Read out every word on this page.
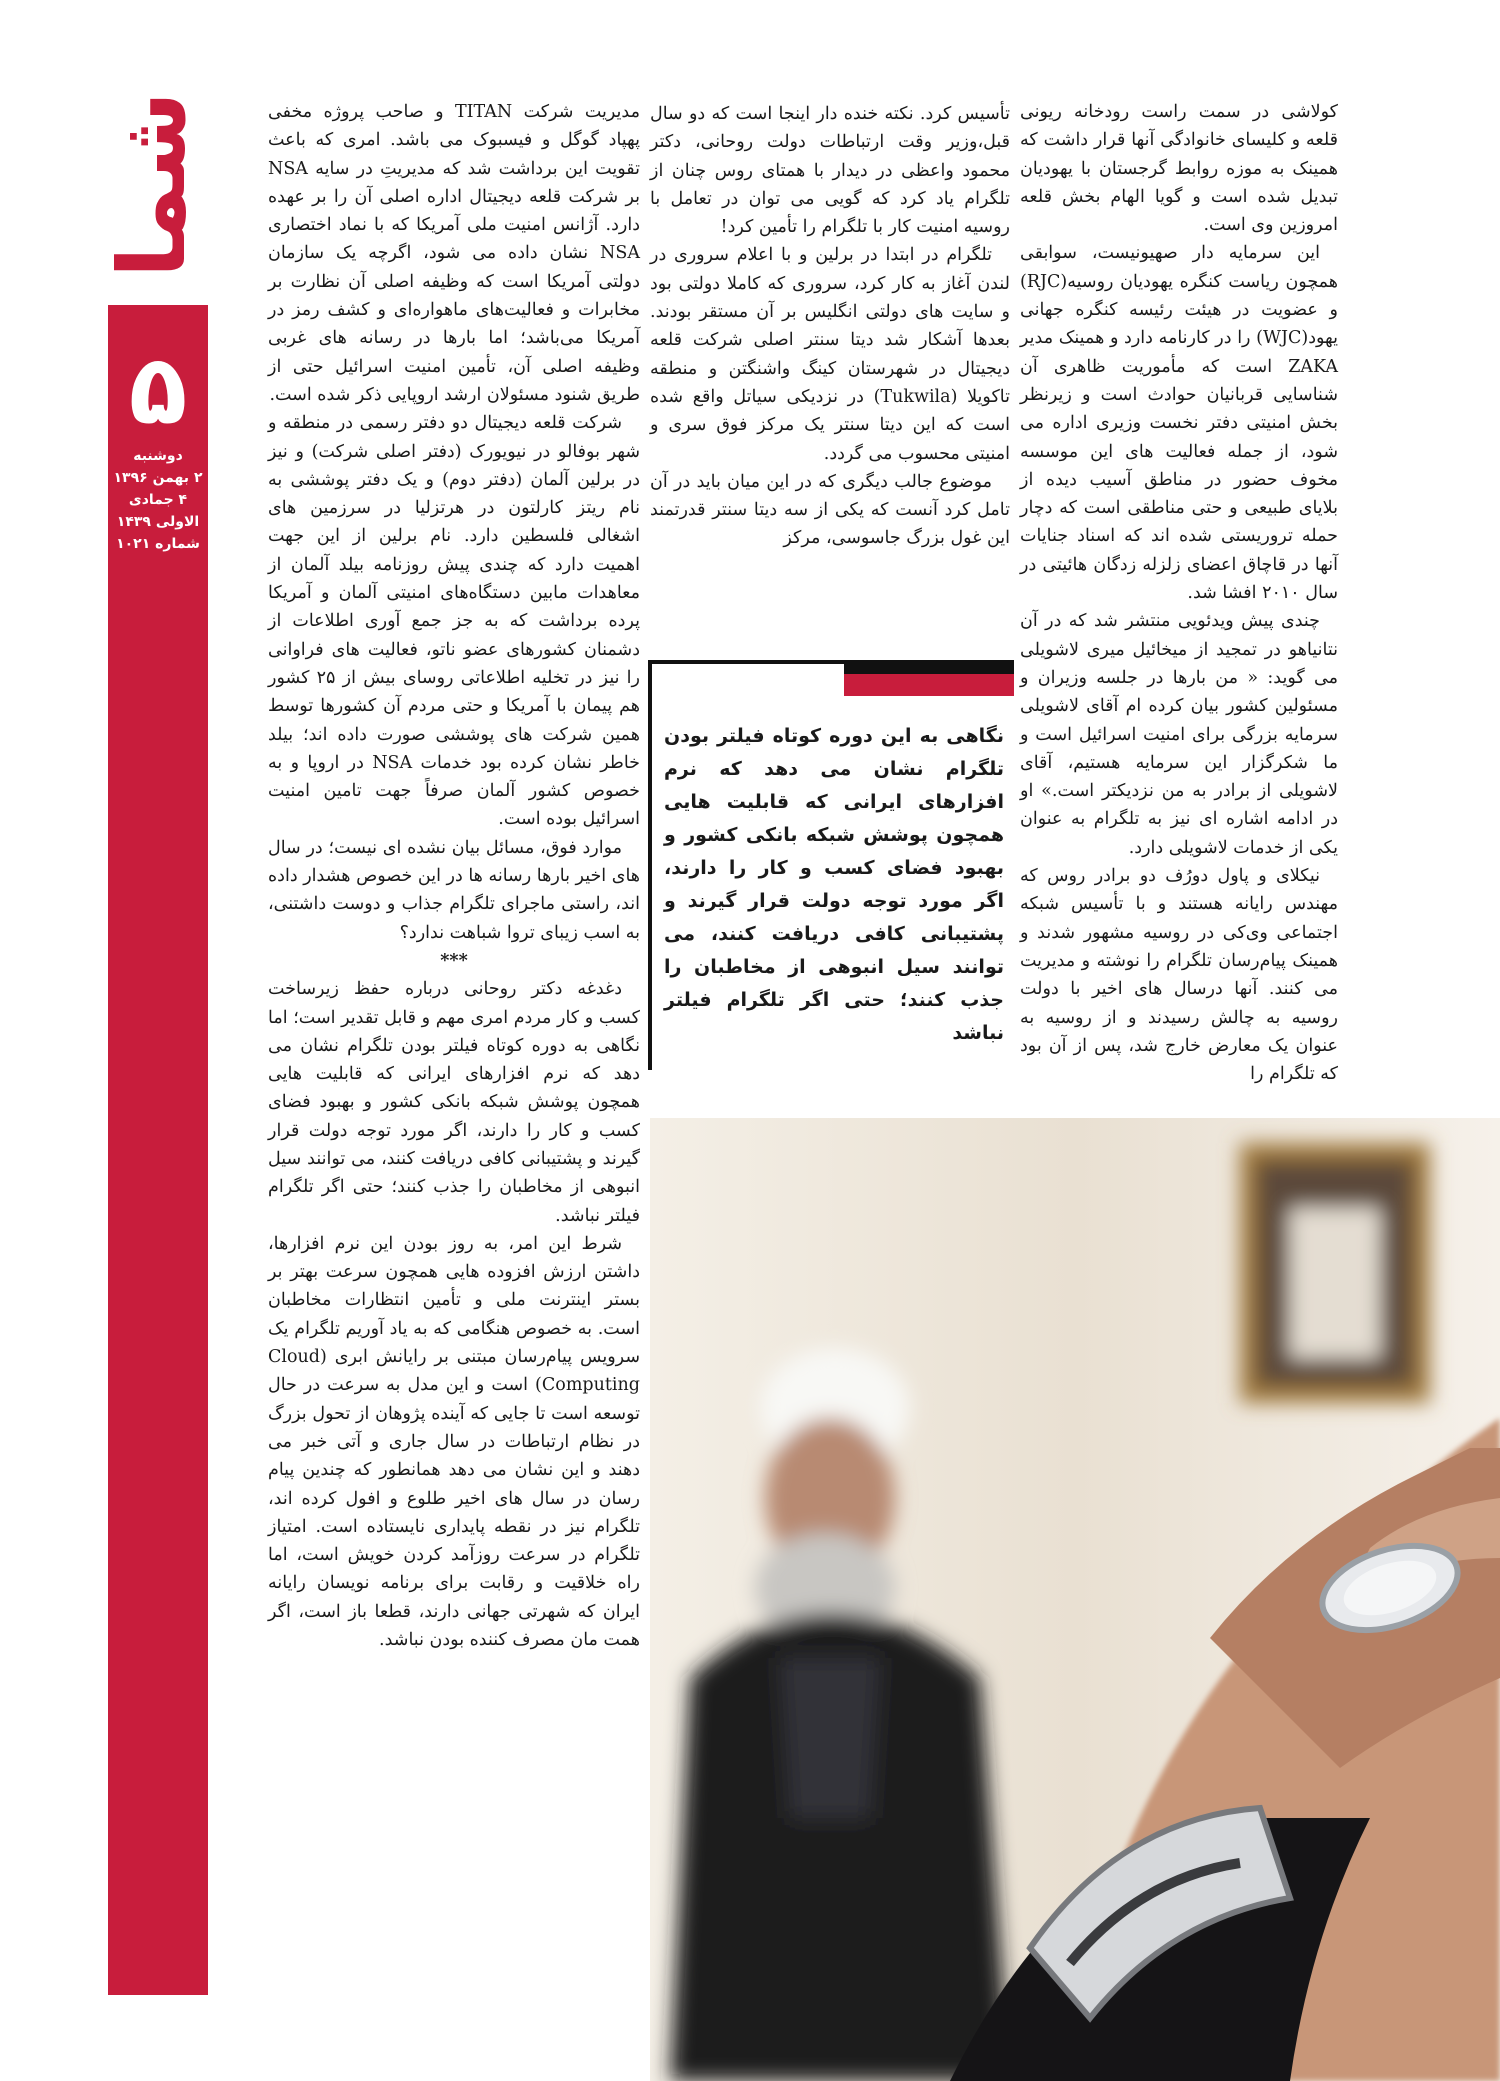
شما
۵
دوشنبه
۲ بهمن ۱۳۹۶
۴ جمادی الاولی ۱۴۳۹
شماره ۱۰۲۱

کولاشی در سمت راست رودخانه ریونی قلعه و کلیسای خانوادگی آنها قرار داشت که همینک به موزه روابط گرجستان با یهودیان تبدیل شده است و گویا الهام بخش قلعه امروزین وی است.

این سرمایه دار صهیونیست، سوابقی همچون ریاست کنگره یهودیان روسیه(RJC) و عضویت در هیئت رئیسه کنگره جهانی یهود(WJC) را در کارنامه دارد و همینک مدیر ZAKA است که مأموریت ظاهری آن شناسایی قربانیان حوادث است و زیرنظر بخش امنیتی دفتر نخست وزیری اداره می شود، از جمله فعالیت های این موسسه مخوف حضور در مناطق آسیب دیده از بلایای طبیعی و حتی مناطقی است که دچار حمله تروریستی شده اند که اسناد جنایات آنها در قاچاق اعضای زلزله زدگان هائیتی در سال ۲۰۱۰ افشا شد.

چندی پیش ویدئویی منتشر شد که در آن نتانیاهو در تمجید از میخائیل میری لاشویلی می گوید: « من بارها در جلسه وزیران و مسئولین کشور بیان کرده ام آقای لاشویلی سرمایه بزرگی برای امنیت اسرائیل است و ما شکرگزار این سرمایه هستیم، آقای لاشویلی از برادر به من نزدیکتر است.» او در ادامه اشاره ای نیز به تلگرام به عنوان یکی از خدمات لاشویلی دارد.

نیکلای و پاول دورُف دو برادر روس که مهندس رایانه هستند و با تأسیس شبکه اجتماعی وی‌کی در روسیه مشهور شدند و همینک پیام‌رسان تلگرام را نوشته و مدیریت می کنند. آنها درسال های اخیر با دولت روسیه به چالش رسیدند و از روسیه به عنوان یک معارض خارج شد، پس از آن بود که تلگرام را

تأسیس کرد. نکته خنده دار اینجا است که دو سال قبل،وزیر وقت ارتباطات دولت روحانی، دکتر محمود واعظی در دیدار با همتای روس چنان از تلگرام یاد کرد که گویی می توان در تعامل با روسیه امنیت کار با تلگرام را تأمین کرد!

تلگرام در ابتدا در برلین و با اعلام سروری در لندن آغاز به کار کرد، سروری که کاملا دولتی بود و سایت های دولتی انگلیس بر آن مستقر بودند. بعدها آشکار شد دیتا سنتر اصلی شرکت قلعه دیجیتال در شهرستان کینگ واشنگتن و منطقه تاکویلا (Tukwila) در نزدیکی سیاتل واقع شده است که این دیتا سنتر یک مرکز فوق سری و امنیتی محسوب می گردد.

موضوع جالب دیگری که در این میان باید در آن تامل کرد آنست که یکی از سه دیتا سنتر قدرتمند این غول بزرگ جاسوسی، مرکز

نگاهی به این دوره کوتاه فیلتر بودن تلگرام نشان می دهد که نرم افزارهای ایرانی که قابلیت هایی همچون پوشش شبکه بانکی کشور و بهبود فضای کسب و کار را دارند، اگر مورد توجه دولت قرار گیرند و پشتیبانی کافی دریافت کنند، می توانند سیل انبوهی از مخاطبان را جذب کنند؛ حتی اگر تلگرام فیلتر نباشد

مدیریت شرکت TITAN و صاحب پروژه مخفی پهپاد گوگل و فیسبوک می باشد. امری که باعث تقویت این برداشت شد که مدیریتِ در سایه NSA بر شرکت قلعه دیجیتال اداره اصلی آن را بر عهده دارد. آژانس امنیت ملی آمریکا که با نماد اختصاری NSA نشان داده می شود، اگرچه یک سازمان دولتی آمریکا است که وظیفه اصلی آن نظارت بر مخابرات و فعالیت‌های ماهواره‌ای و کشف رمز در آمریکا می‌باشد؛ اما بارها در رسانه های غربی وظیفه اصلی آن، تأمین امنیت اسرائیل حتی از طریق شنود مسئولان ارشد اروپایی ذکر شده است.

شرکت قلعه دیجیتال دو دفتر رسمی در منطقه و شهر بوفالو در نیویورک (دفتر اصلی شرکت) و نیز در برلین آلمان (دفتر دوم) و یک دفتر پوششی به نام ریتز کارلتون در هرتزلیا در سرزمین های اشغالی فلسطین دارد. نام برلین از این جهت اهمیت دارد که چندی پیش روزنامه بیلد آلمان از معاهدات مابین دستگاه‌های امنیتی آلمان و آمریکا پرده برداشت که به جز جمع آوری اطلاعات از دشمنان کشورهای عضو ناتو، فعالیت های فراوانی را نیز در تخلیه اطلاعاتی روسای بیش از ۲۵ کشور هم پیمان با آمریکا و حتی مردم آن کشورها توسط همین شرکت های پوششی صورت داده اند؛ بیلد خاطر نشان کرده بود خدمات NSA در اروپا و به خصوص کشور آلمان صرفاً جهت تامین امنیت اسرائیل بوده است.

موارد فوق، مسائل بیان نشده ای نیست؛ در سال های اخیر بارها رسانه ها در این خصوص هشدار داده اند، راستی ماجرای تلگرام جذاب و دوست داشتنی، به اسب زیبای تروا شباهت ندارد؟

***

دغدغه دکتر روحانی درباره حفظ زیرساخت کسب و کار مردم امری مهم و قابل تقدیر است؛ اما نگاهی به دوره کوتاه فیلتر بودن تلگرام نشان می دهد که نرم افزارهای ایرانی که قابلیت هایی همچون پوشش شبکه بانکی کشور و بهبود فضای کسب و کار را دارند، اگر مورد توجه دولت قرار گیرند و پشتیبانی کافی دریافت کنند، می توانند سیل انبوهی از مخاطبان را جذب کنند؛ حتی اگر تلگرام فیلتر نباشد.

شرط این امر، به روز بودن این نرم افزارها، داشتن ارزش افزوده هایی همچون سرعت بهتر بر بستر اینترنت ملی و تأمین انتظارات مخاطبان است. به خصوص هنگامی که به یاد آوریم تلگرام یک سرویس پیام‌رسان مبتنی بر رایانش ابری (Cloud Computing) است و این مدل به سرعت در حال توسعه است تا جایی که آینده پژوهان از تحول بزرگ در نظام ارتباطات در سال جاری و آتی خبر می دهند و این نشان می دهد همانطور که چندین پیام رسان در سال های اخیر طلوع و افول کرده اند، تلگرام نیز در نقطه پایداری نایستاده است. امتیاز تلگرام در سرعت روزآمد کردن خویش است، اما راه خلاقیت و رقابت برای برنامه نویسان رایانه ایران که شهرتی جهانی دارند، قطعا باز است، اگر همت مان مصرف کننده بودن نباشد.
